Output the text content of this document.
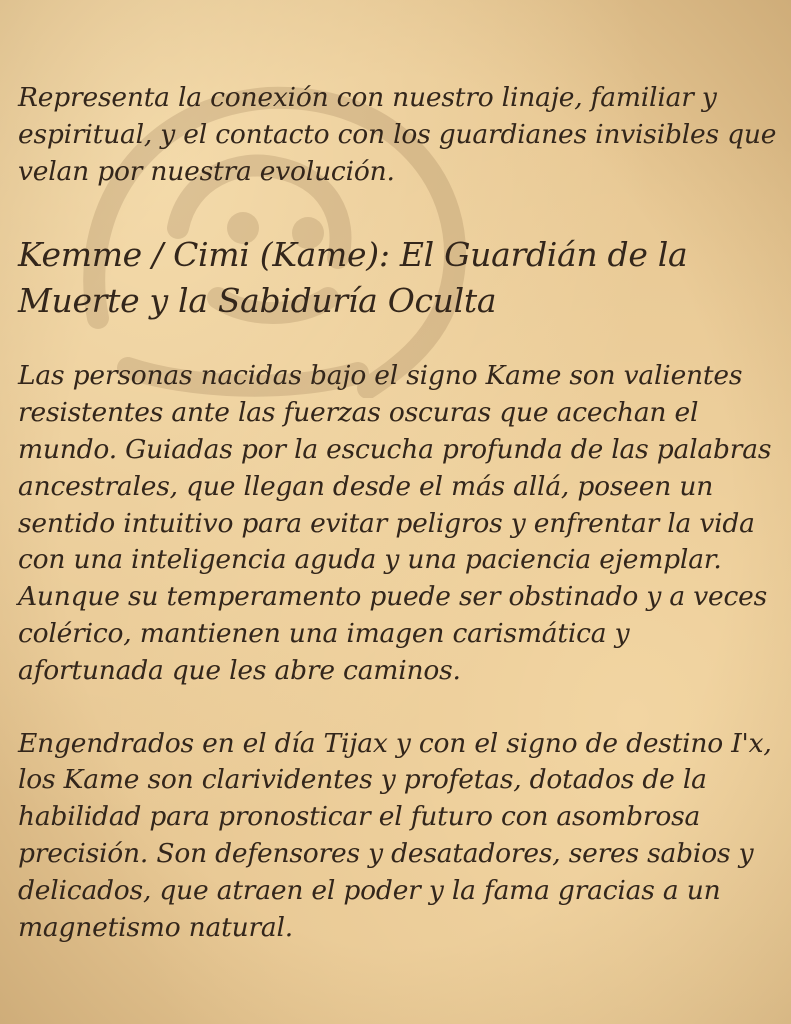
Representa la conexión con nuestro linaje, familiar y espiritual, y el contacto con los guardianes invisibles que velan por nuestra evolución.

Kemme / Cimi (Kame): El Guardián de la Muerte y la Sabiduría Oculta

Las personas nacidas bajo el signo Kame son valientes resistentes ante las fuerzas oscuras que acechan el mundo. Guiadas por la escucha profunda de las palabras ancestrales, que llegan desde el más allá, poseen un sentido intuitivo para evitar peligros y enfrentar la vida con una inteligencia aguda y una paciencia ejemplar. Aunque su temperamento puede ser obstinado y a veces colérico, mantienen una imagen carismática y afortunada que les abre caminos.

Engendrados en el día Tijax y con el signo de destino I'x, los Kame son clarividentes y profetas, dotados de la habilidad para pronosticar el futuro con asombrosa precisión. Son defensores y desatadores, seres sabios y delicados, que atraen el poder y la fama gracias a un magnetismo natural.
